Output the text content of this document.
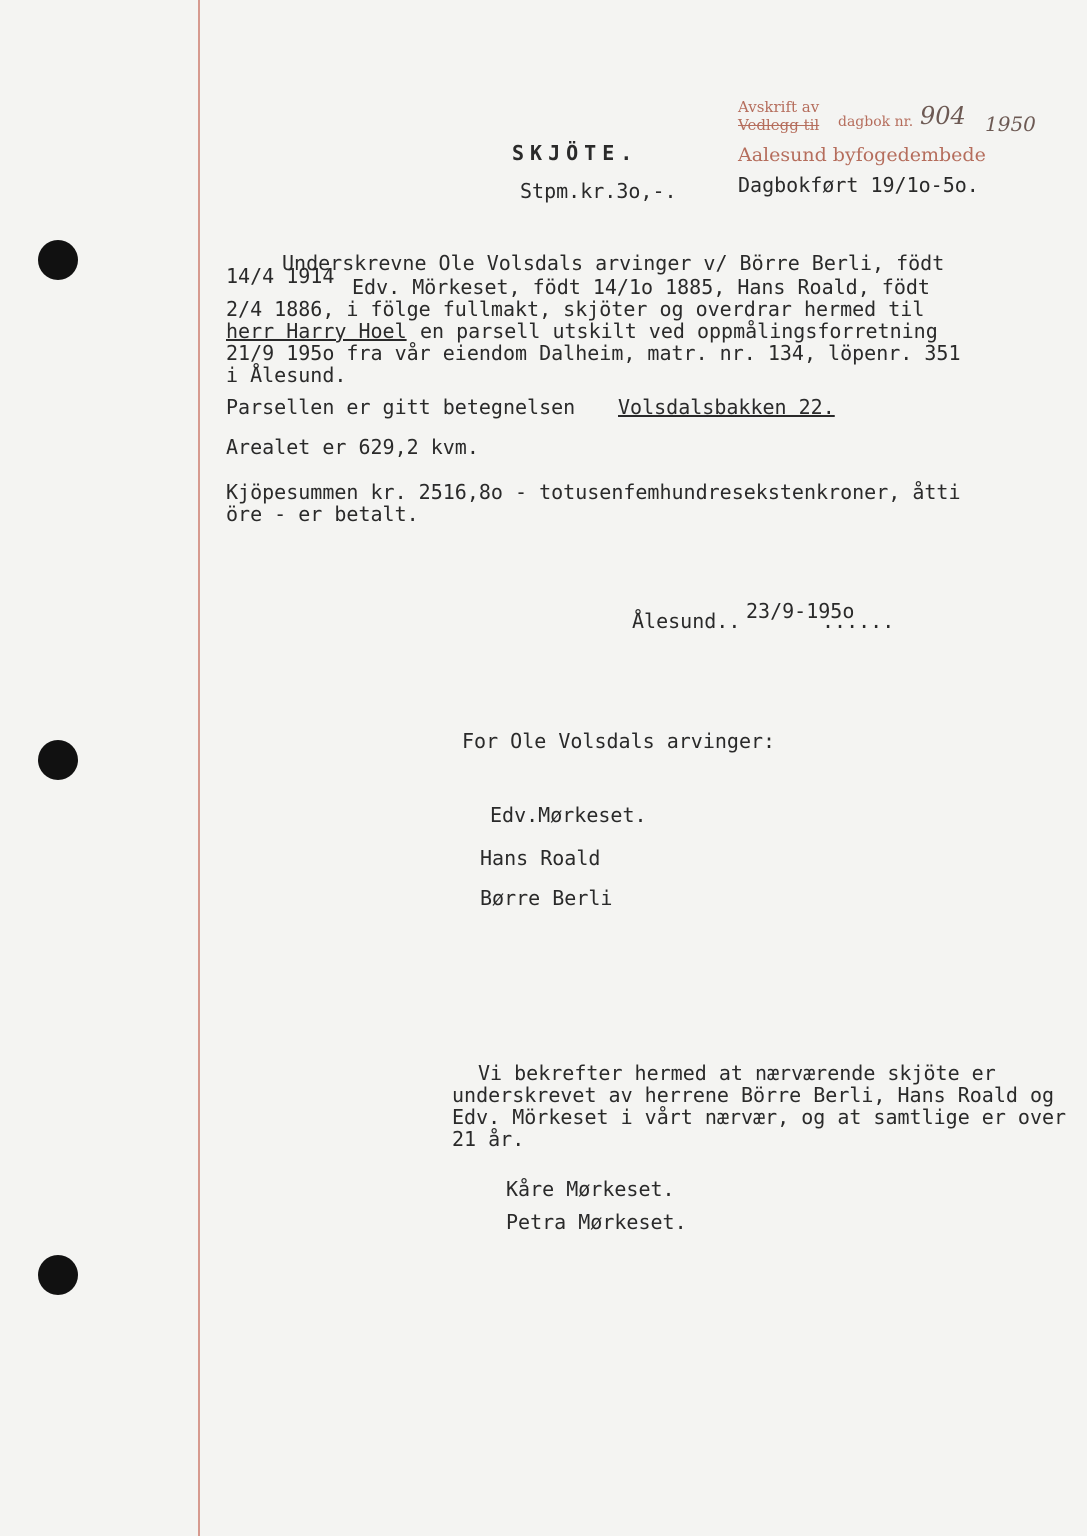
Avskrift av
Vedlegg til dagbok nr. 904 1950
Aalesund byfogedembede
SKJÖTE.
Stpm.kr.3o,-.	Dagbokført 19/1o-5o.
Underskrevne Ole Volsdals arvinger v/ Börre Berli, födt
14/4 1914 Edv. Mörkeset, födt 14/1o 1885, Hans Roald, födt
2/4 1886, i fölge fullmakt, skjöter og overdrar hermed til
herr Harry Hoel en parsell utskilt ved oppmålingsforretning
21/9 195o fra vår eiendom Dalheim, matr. nr. 134, löpenr. 351
i Ålesund.
Parsellen er gitt betegnelsen Volsdalsbakken 22.
Arealet er 629,2 kvm.
Kjöpesummen kr. 2516,8o - totusenfemhundresekstenkroner, åtti
öre - er betalt.
Ålesund.. 23/9-195o
......
For Ole Volsdals arvinger:
Edv.Mørkeset.
Hans Roald
Børre Berli
Vi bekrefter hermed at nærværende skjöte er
underskrevet av herrene Börre Berli, Hans Roald og
Edv. Mörkeset i vårt nærvær, og at samtlige er over
21 år.
Kåre Mørkeset.
Petra Mørkeset.
